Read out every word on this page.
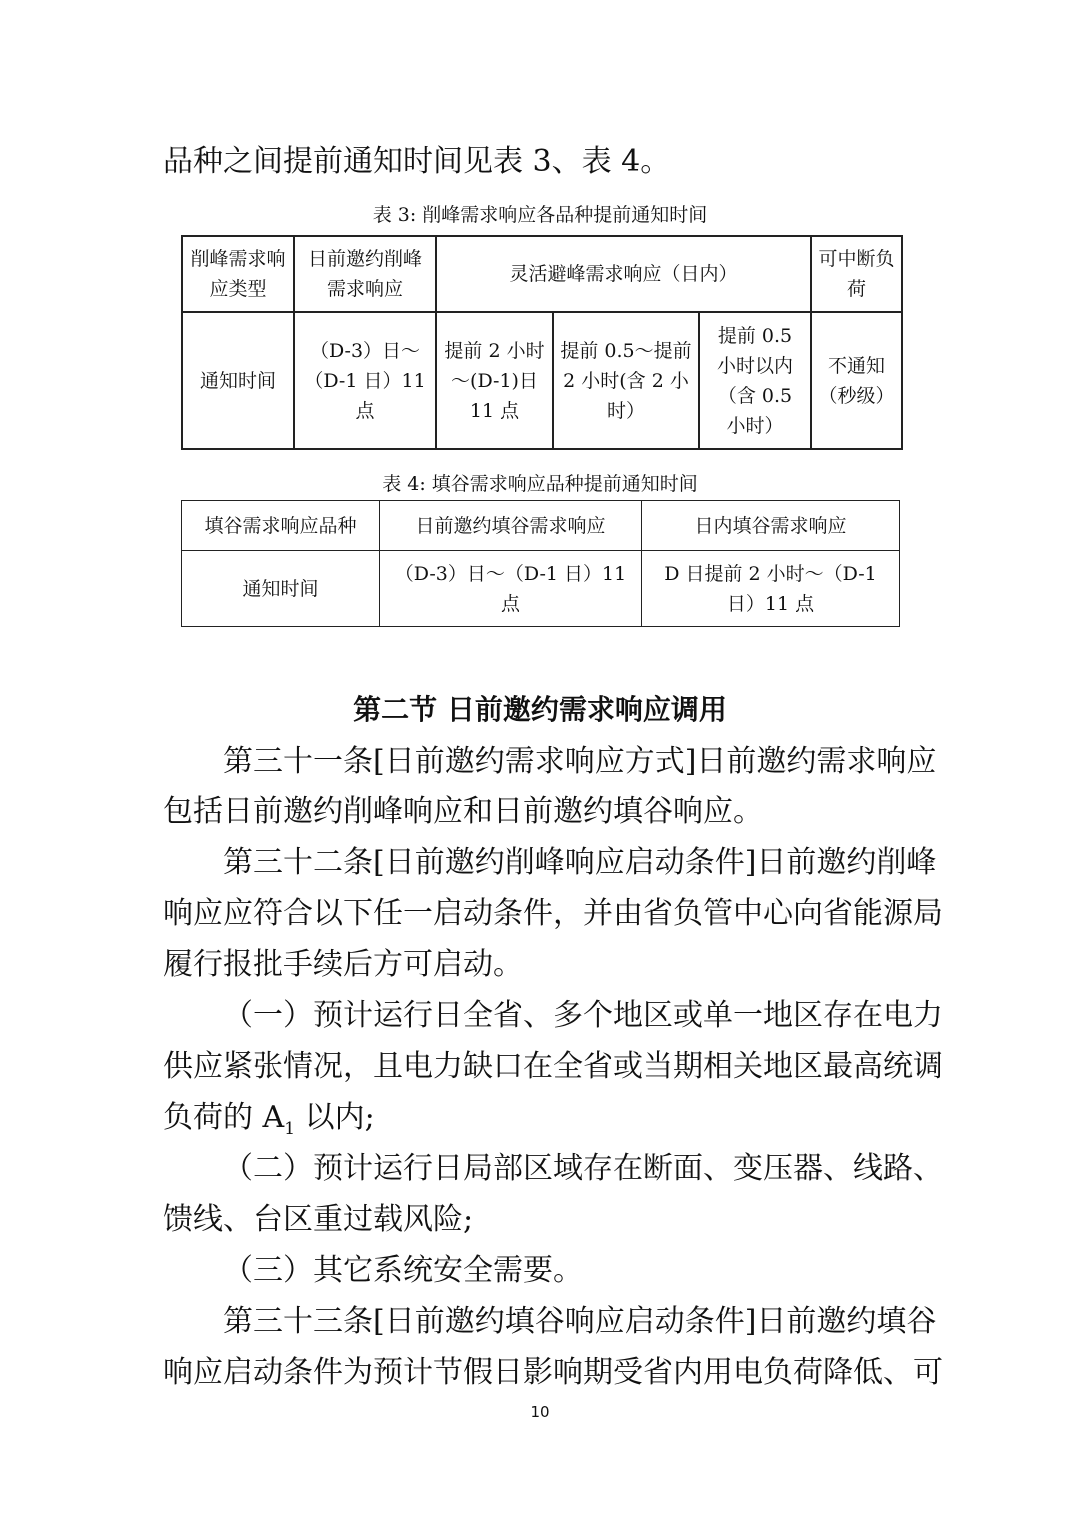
品种之间提前通知时间见表 3、表 4。
表 3: 削峰需求响应各品种提前通知时间
削峰需求响应类型	日前邀约削峰需求响应	灵活避峰需求响应（日内）			可中断负荷
通知时间	（D-3）日～（D-1 日）11 点	提前 2 小时～(D-1)日 11 点	提前 0.5～提前 2 小时(含 2 小时）	提前 0.5 小时以内（含 0.5 小时）	不通知（秒级）
表 4: 填谷需求响应品种提前通知时间
填谷需求响应品种	日前邀约填谷需求响应	日内填谷需求响应
通知时间	（D-3）日～（D-1 日）11 点	D 日提前 2 小时～（D-1 日）11 点
第二节 日前邀约需求响应调用
第三十一条[日前邀约需求响应方式]日前邀约需求响应
包括日前邀约削峰响应和日前邀约填谷响应。
第三十二条[日前邀约削峰响应启动条件]日前邀约削峰
响应应符合以下任一启动条件，并由省负管中心向省能源局
履行报批手续后方可启动。
（一）预计运行日全省、多个地区或单一地区存在电力
供应紧张情况，且电力缺口在全省或当期相关地区最高统调
负荷的 $A_1$ 以内;
（二）预计运行日局部区域存在断面、变压器、线路、
馈线、台区重过载风险;
（三）其它系统安全需要。
第三十三条[日前邀约填谷响应启动条件]日前邀约填谷
响应启动条件为预计节假日影响期受省内用电负荷降低、可
10
